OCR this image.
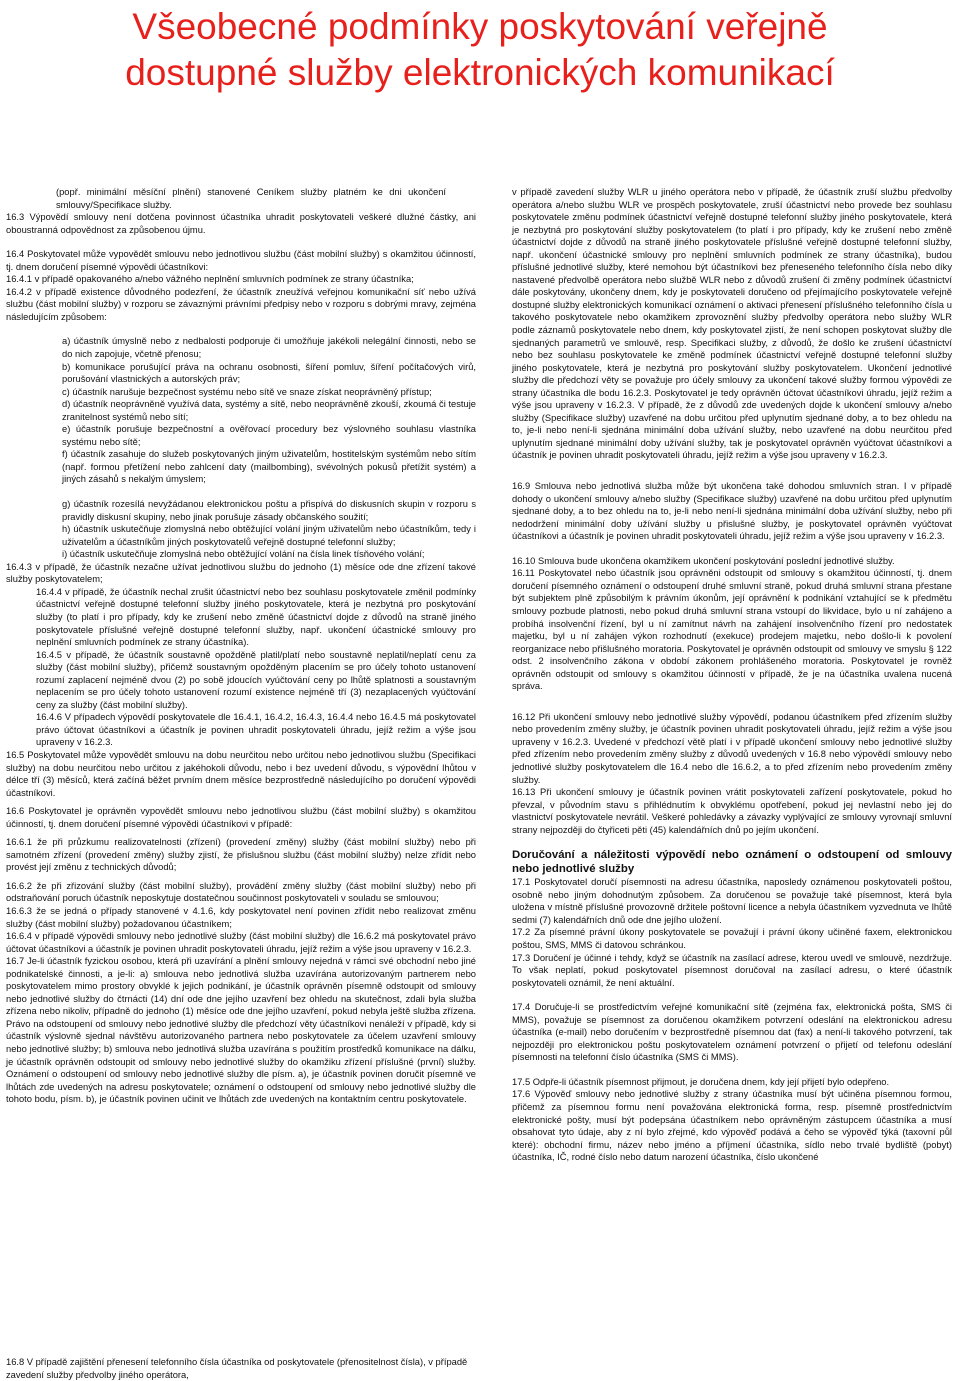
Všeobecné podmínky poskytování veřejně
dostupné služby elektronických komunikací

(popř. minimální měsíční plnění) stanovené Ceníkem služby platném ke dni ukončení smlouvy/Specifikace služby.

16.3 Výpovědí smlouvy není dotčena povinnost účastníka uhradit poskytovateli veškeré dlužné částky, ani oboustranná odpovědnost za způsobenou újmu.

16.4 Poskytovatel může vypovědět smlouvu nebo jednotlivou službu (část mobilní služby) s okamžitou účinností, tj. dnem doručení písemné výpovědi účastníkovi:

16.4.1 v případě opakovaného a/nebo vážného neplnění smluvních podmínek ze strany účastníka;

16.4.2 v případě existence důvodného podezření, že účastník zneužívá veřejnou komunikační síť nebo užívá službu (část mobilní služby) v rozporu se závaznými právními předpisy nebo v rozporu s dobrými mravy, zejména následujícím způsobem:

a) účastník úmyslně nebo z nedbalosti podporuje či umožňuje jakékoli nelegální činnosti, nebo se do nich zapojuje, včetně přenosu;

b) komunikace porušující práva na ochranu osobnosti, šíření pomluv, šíření počítačových virů, porušování vlastnických a autorských práv;

c) účastník narušuje bezpečnost systému nebo sítě ve snaze získat neoprávněný přístup;

d) účastník neoprávněně využívá data, systémy a sítě, nebo neoprávněně zkouší, zkoumá či testuje zranitelnost systémů nebo sítí;

e) účastník porušuje bezpečnostní a ověřovací procedury bez výslovného souhlasu vlastníka systému nebo sítě;

f) účastník zasahuje do služeb poskytovaných jiným uživatelům, hostitelským systémům nebo sítím (např. formou přetížení nebo zahlcení daty (mailbombing), svévolných pokusů přetížit systém) a jiných zásahů s nekalým úmyslem;

g) účastník rozesílá nevyžádanou elektronickou poštu a přispívá do diskusních skupin v rozporu s pravidly diskusní skupiny, nebo jinak porušuje zásady občanského soužití;

h) účastník uskutečňuje zlomyslná nebo obtěžující volání jiným uživatelům nebo účastníkům, tedy i uživatelům a účastníkům jiných poskytovatelů veřejně dostupné telefonní služby;

i) účastník uskutečňuje zlomyslná nebo obtěžující volání na čísla linek tísňového volání;

16.4.3 v případě, že účastník nezačne užívat jednotlivou službu do jednoho (1) měsíce ode dne zřízení takové služby poskytovatelem;

16.4.4 v případě, že účastník nechal zrušit účastnictví nebo bez souhlasu poskytovatele změnil podmínky účastnictví veřejně dostupné telefonní služby jiného poskytovatele, která je nezbytná pro poskytování služby (to platí i pro případy, kdy ke zrušení nebo změně účastnictví dojde z důvodů na straně jiného poskytovatele příslušné veřejně dostupné telefonní služby, např. ukončení účastnické smlouvy pro neplnění smluvních podmínek ze strany účastníka).

16.4.5 v případě, že účastník soustavně opožděně platil/platí nebo soustavně neplatil/neplatí cenu za služby (část mobilní služby), přičemž soustavným opožděným placením se pro účely tohoto ustanovení rozumí zaplacení nejméně dvou (2) po sobě jdoucích vyúčtování ceny po lhůtě splatnosti a soustavným neplacením se pro účely tohoto ustanovení rozumí existence nejméně tří (3) nezaplacených vyúčtování ceny za služby (část mobilní služby).

16.4.6 V případech výpovědí poskytovatele dle 16.4.1, 16.4.2, 16.4.3, 16.4.4 nebo 16.4.5 má poskytovatel právo účtovat účastníkovi a účastník je povinen uhradit poskytovateli úhradu, jejíž režim a výše jsou upraveny v 16.2.3.

16.5 Poskytovatel může vypovědět smlouvu na dobu neurčitou nebo určitou nebo jednotlivou službu (Specifikaci služby) na dobu neurčitou nebo určitou z jakéhokoli důvodu, nebo i bez uvedení důvodu, s výpovědní lhůtou v délce tří (3) měsíců, která začíná běžet prvním dnem měsíce bezprostředně následujícího po doručení výpovědi účastníkovi.

16.6 Poskytovatel je oprávněn vypovědět smlouvu nebo jednotlivou službu (část mobilní služby) s okamžitou účinností, tj. dnem doručení písemné výpovědi účastníkovi v případě:

16.6.1 že při průzkumu realizovatelnosti (zřízení) (provedení změny) služby (část mobilní služby) nebo při samotném zřízení (provedení změny) služby zjistí, že přislušnou službu (část mobilní služby) nelze zřídit nebo provést její změnu z technických důvodů;

16.6.2 že při zřizování služby (část mobilní služby), provádění změny služby (část mobilní služby) nebo při odstraňování poruch účastník neposkytuje dostatečnou součinnost poskytovateli v souladu se smlouvou;

16.6.3 že se jedná o případy stanovené v 4.1.6, kdy poskytovatel není povinen zřídit nebo realizovat změnu služby (část mobilní služby) požadovanou účastníkem;

16.6.4 v případě výpovědi smlouvy nebo jednotlivé služby (část mobilní služby) dle 16.6.2 má poskytovatel právo účtovat účastníkovi a účastník je povinen uhradit poskytovateli úhradu, jejíž režim a výše jsou upraveny v 16.2.3.

16.7 Je-li účastník fyzickou osobou, která při uzavírání a plnění smlouvy nejedná v rámci své obchodní nebo jiné podnikatelské činnosti, a je-li: a) smlouva nebo jednotlivá služba uzavírána autorizovaným partnerem nebo poskytovatelem mimo prostory obvyklé k jejich podnikání, je účastník oprávněn písemně odstoupit od smlouvy nebo jednotlivé služby do čtrnácti (14) dní ode dne jejího uzavření bez ohledu na skutečnost, zdali byla služba zřízena nebo nikoliv, případně do jednoho (1) měsíce ode dne jejího uzavření, pokud nebyla ještě služba zřízena. Právo na odstoupení od smlouvy nebo jednotlivé služby dle předchozí věty účastníkovi nenáleží v případě, kdy si účastník výslovně sjednal návštěvu autorizovaného partnera nebo poskytovatele za účelem uzavření smlouvy nebo jednotlivé služby; b) smlouva nebo jednotlivá služba uzavírána s použitím prostředků komunikace na dálku, je účastník oprávněn odstoupit od smlouvy nebo jednotlivé služby do okamžiku zřízení příslušné (první) služby. Oznámení o odstoupení od smlouvy nebo jednotlivé služby dle písm. a), je účastník povinen doručit písemně ve lhůtách zde uvedených na adresu poskytovatele; oznámení o odstoupení od smlouvy nebo jednotlivé služby dle tohoto bodu, písm. b), je účastník povinen učinit ve lhůtách zde uvedených na kontaktním centru poskytovatele.

16.8 V případě zajištění přenesení telefonního čísla účastníka od poskytovatele (přenositelnost čísla), v případě zavedení služby předvolby jiného operátora,

v případě zavedení služby WLR u jiného operátora nebo v případě, že účastník zruší službu předvolby operátora a/nebo službu WLR ve prospěch poskytovatele, zruší účastnictví nebo provede bez souhlasu poskytovatele změnu podmínek účastnictví veřejně dostupné telefonní služby jiného poskytovatele, která je nezbytná pro poskytování služby poskytovatelem (to platí i pro případy, kdy ke zrušení nebo změně účastnictví dojde z důvodů na straně jiného poskytovatele příslušné veřejně dostupné telefonní služby, např. ukončení účastnické smlouvy pro neplnění smluvních podmínek ze strany účastníka), budou příslušné jednotlivé služby, které nemohou být účastníkovi bez přeneseného telefonního čísla nebo díky nastavené předvolbě operátora nebo službě WLR nebo z důvodů zrušení či změny podmínek účastnictví dále poskytovány, ukončeny dnem, kdy je poskytovateli doručeno od přejímajícího poskytovatele veřejně dostupné služby elektronických komunikací oznámení o aktivaci přenesení příslušného telefonního čísla u takového poskytovatele nebo okamžikem zprovoznění služby předvolby operátora nebo služby WLR podle záznamů poskytovatele nebo dnem, kdy poskytovatel zjistí, že není schopen poskytovat služby dle sjednaných parametrů ve smlouvě, resp. Specifikaci služby, z důvodů, že došlo ke zrušení účastnictví nebo bez souhlasu poskytovatele ke změně podmínek účastnictví veřejně dostupné telefonní služby jiného poskytovatele, která je nezbytná pro poskytování služby poskytovatelem. Ukončení jednotlivé služby dle předchozí věty se považuje pro účely smlouvy za ukončení takové služby formou výpovědi ze strany účastníka dle bodu 16.2.3. Poskytovatel je tedy oprávněn účtovat účastníkovi úhradu, jejíž režim a výše jsou upraveny v 16.2.3. V případě, že z důvodů zde uvedených dojde k ukončení smlouvy a/nebo služby (Specifikace služby) uzavřené na dobu určitou před uplynutím sjednané doby, a to bez ohledu na to, je-li nebo není-li sjednána minimální doba užívání služby, nebo uzavřené na dobu neurčitou před uplynutím sjednané minimální doby užívání služby, tak je poskytovatel oprávněn vyúčtovat účastníkovi a účastník je povinen uhradit poskytovateli úhradu, jejíž režim a výše jsou upraveny v 16.2.3.

16.9 Smlouva nebo jednotlivá služba může být ukončena také dohodou smluvních stran. I v případě dohody o ukončení smlouvy a/nebo služby (Specifikace služby) uzavřené na dobu určitou před uplynutím sjednané doby, a to bez ohledu na to, je-li nebo není-li sjednána minimální doba užívání služby, nebo při nedodržení minimální doby užívání služby u přislušné služby, je poskytovatel oprávněn vyúčtovat účastníkovi a účastník je povinen uhradit poskytovateli úhradu, jejíž režim a výše jsou upraveny v 16.2.3.

16.10 Smlouva bude ukončena okamžikem ukončení poskytování poslední jednotlivé služby.

16.11 Poskytovatel nebo účastník jsou oprávněni odstoupit od smlouvy s okamžitou účinností, tj. dnem doručení písemného oznámení o odstoupení druhé smluvní straně, pokud druhá smluvní strana přestane být subjektem plně způsobilým k právním úkonům, její oprávnění k podnikání vztahující se k předmětu smlouvy pozbude platnosti, nebo pokud druhá smluvní strana vstoupí do likvidace, bylo u ní zahájeno a probíhá insolvenční řízení, byl u ní zamítnut návrh na zahájení insolvenčního řízení pro nedostatek majetku, byl u ní zahájen výkon rozhodnutí (exekuce) prodejem majetku, nebo došlo-li k povolení reorganizace nebo přišlušného moratoria. Poskytovatel je oprávněn odstoupit od smlouvy ve smyslu § 122 odst. 2 insolvenčního zákona v období zákonem prohlášeného moratoria. Poskytovatel je rovněž oprávněn odstoupit od smlouvy s okamžitou účinností v případě, že je na účastníka uvalena nucená správa.

16.12 Při ukončení smlouvy nebo jednotlivé služby výpovědí, podanou účastníkem před zřízením služby nebo provedením změny služby, je účastník povinen uhradit poskytovateli úhradu, jejíž režim a výše jsou upraveny v 16.2.3. Uvedené v předchozí větě platí i v případě ukončení smlouvy nebo jednotlivé služby před zřízením nebo provedením změny služby z důvodů uvedených v 16.8 nebo výpovědí smlouvy nebo jednotlivé služby poskytovatelem dle 16.4 nebo dle 16.6.2, a to před zřízením nebo provedením změny služby.

16.13 Při ukončení smlouvy je účastník povinen vrátit poskytovateli zařízení poskytovatele, pokud ho převzal, v původním stavu s přihlédnutím k obvyklému opotřebení, pokud jej nevlastní nebo jej do vlastnictví poskytovatele nevrátil. Veškeré pohledávky a závazky vyplývající ze smlouvy vyrovnají smluvní strany nejpozději do čtyřiceti pěti (45) kalendářních dnů po jejím ukončení.

Doručování a náležitosti výpovědí nebo oznámení o odstoupení od smlouvy nebo jednotlivé služby

17.1 Poskytovatel doručí písemnosti na adresu účastníka, naposledy oznámenou poskytovateli poštou, osobně nebo jiným dohodnutým způsobem. Za doručenou se považuje také písemnost, která byla uložena v místně příslušné provozovně držitele poštovní licence a nebyla účastníkem vyzvednuta ve lhůtě sedmi (7) kalendářních dnů ode dne jejího uložení.

17.2 Za písemné právní úkony poskytovatele se považují i právní úkony učiněné faxem, elektronickou poštou, SMS, MMS či datovou schránkou.

17.3 Doručení je účinné i tehdy, když se účastník na zasílací adrese, kterou uvedl ve smlouvě, nezdržuje. To však neplatí, pokud poskytovatel písemnost doručoval na zasílací adresu, o které účastník poskytovateli oznámil, že není aktuální.

17.4 Doručuje-li se prostředictvím veřejné komunikační sítě (zejména fax, elektronická pošta, SMS či MMS), považuje se písemnost za doručenou okamžikem potvrzení odeslání na elektronickou adresu účastníka (e-mail) nebo doručením v bezprostředně písemnou dat (fax) a není-li takového potvrzení, tak nejpozději pro elektronickou poštu poskytovatelem oznámení potvrzení o přijetí od telefonu odeslání písemnosti na telefonní číslo účastníka (SMS či MMS).

17.5 Odpře-li účastník písemnost přijmout, je doručena dnem, kdy její přijetí bylo odepřeno.

17.6 Výpověď smlouvy nebo jednotlivé služby z strany účastníka musí být učiněna písemnou formou, přičemž za písemnou formu není považována elektronická forma, resp. písemně prostřednictvím elektronické pošty, musí být podepsána účastníkem nebo oprávněným zástupcem účastníka a musí obsahovat tyto údaje, aby z ní bylo zřejmé, kdo výpověď podává a čeho se výpověď týká (taxovní půl které): obchodní firmu, název nebo jméno a příjmení účastníka, sídlo nebo trvalé bydliště (pobyt) účastníka, IČ, rodné číslo nebo datum narození účastníka, číslo ukončené
